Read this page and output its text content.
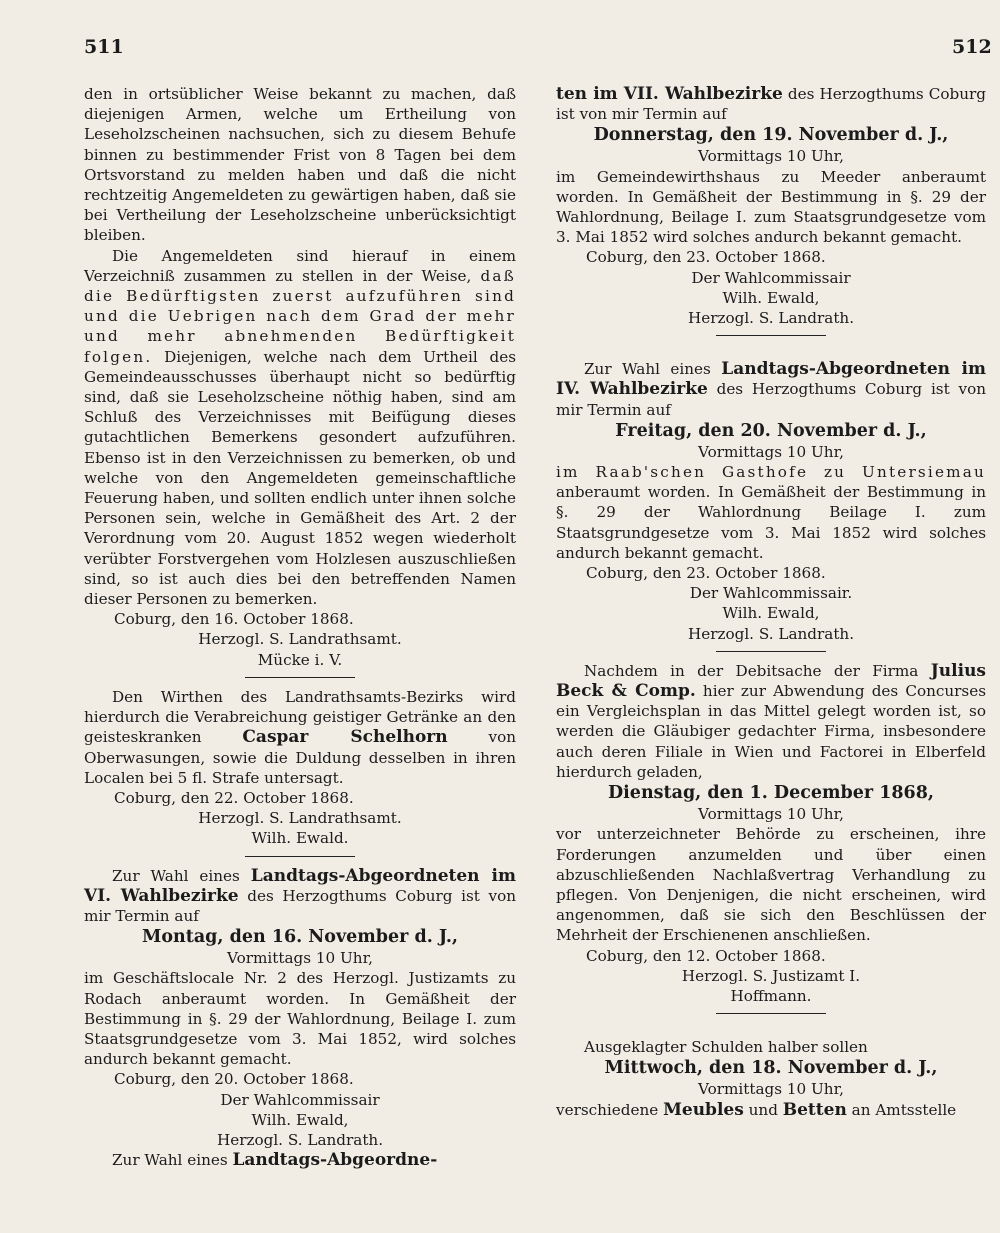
511	512

den in ortsüblicher Weise bekannt zu machen, daß diejenigen Armen, welche um Ertheilung von Leseholzscheinen nachsuchen, sich zu diesem Behufe binnen zu bestimmender Frist von 8 Tagen bei dem Ortsvorstand zu melden haben und daß die nicht rechtzeitig Angemeldeten zu gewärtigen haben, daß sie bei Vertheilung der Leseholzscheine unberücksichtigt bleiben.

Die Angemeldeten sind hierauf in einem Verzeichniß zusammen zu stellen in der Weise, daß die Bedürftigsten zuerst aufzuführen sind und die Uebrigen nach dem Grad der mehr und mehr abnehmenden Bedürftigkeit folgen. Diejenigen, welche nach dem Urtheil des Gemeindeausschusses überhaupt nicht so bedürftig sind, daß sie Leseholzscheine nöthig haben, sind am Schluß des Verzeichnisses mit Beifügung dieses gutachtlichen Bemerkens gesondert aufzuführen. Ebenso ist in den Verzeichnissen zu bemerken, ob und welche von den Angemeldeten gemeinschaftliche Feuerung haben, und sollten endlich unter ihnen solche Personen sein, welche in Gemäßheit des Art. 2 der Verordnung vom 20. August 1852 wegen wiederholt verübter Forstvergehen vom Holzlesen auszuschließen sind, so ist auch dies bei den betreffenden Namen dieser Personen zu bemerken.

Coburg, den 16. October 1868.

Herzogl. S. Landrathsamt.

Mücke i. V.

Den Wirthen des Landrathsamts-Bezirks wird hierdurch die Verabreichung geistiger Getränke an den geisteskranken Caspar Schelhorn	von Oberwasungen, sowie die Duldung desselben in ihren Localen bei 5 fl. Strafe untersagt.

Coburg, den 22. October 1868.

Herzogl. S. Landrathsamt.

Wilh. Ewald.

Zur Wahl eines Landtags-Abgeordneten im VI. Wahlbezirke des Herzogthums Coburg ist von mir Termin auf

Montag, den 16. November d. J.,

Vormittags 10 Uhr,

im Geschäftslocale Nr. 2 des Herzogl. Justizamts zu Rodach anberaumt worden. In Gemäßheit der Bestimmung in §. 29 der Wahlordnung, Beilage I. zum Staatsgrundgesetze vom 3. Mai 1852, wird solches andurch bekannt gemacht.

Coburg, den 20. October 1868.

Der Wahlcommissair

Wilh. Ewald,

Herzogl. S. Landrath.

Zur Wahl eines Landtags-Abgeordne-

ten im VII. Wahlbezirke des Herzogthums Coburg ist von mir Termin auf

Donnerstag, den 19. November d. J.,

Vormittags 10 Uhr,

im Gemeindewirthshaus zu Meeder anberaumt worden. In Gemäßheit der Bestimmung in §. 29 der Wahlordnung, Beilage I. zum Staatsgrundgesetze vom 3. Mai 1852 wird solches andurch bekannt gemacht.

Coburg, den 23. October 1868.

Der Wahlcommissair

Wilh. Ewald,

Herzogl. S. Landrath.

Zur Wahl eines Landtags-Abgeordneten im IV. Wahlbezirke des Herzogthums Coburg ist von mir Termin auf

Freitag, den 20. November d. J.,

Vormittags 10 Uhr,

im Raab'schen Gasthofe zu Untersiemau anberaumt worden. In Gemäßheit der Bestimmung in §. 29 der Wahlordnung Beilage I. zum Staatsgrundgesetze vom 3. Mai 1852 wird solches andurch bekannt gemacht.

Coburg, den 23. October 1868.

Der Wahlcommissair.

Wilh. Ewald,

Herzogl. S. Landrath.

Nachdem in der Debitsache der Firma Julius Beck & Comp. hier zur Abwendung des Concurses ein Vergleichsplan in das Mittel gelegt worden ist, so werden die Gläubiger gedachter Firma, insbesondere auch deren Filiale in Wien und Factorei in Elberfeld hierdurch geladen,

Dienstag, den 1. December 1868,

Vormittags 10 Uhr,

vor unterzeichneter Behörde zu erscheinen, ihre Forderungen anzumelden und über einen abzuschließenden Nachlaßvertrag Verhandlung zu pflegen. Von Denjenigen, die nicht erscheinen, wird angenommen, daß sie sich den Beschlüssen der Mehrheit der Erschienenen anschließen.

Coburg, den 12. October 1868.

Herzogl. S. Justizamt I.

Hoffmann.

Ausgeklagter Schulden halber sollen

Mittwoch, den 18. November d. J.,

Vormittags 10 Uhr,

verschiedene Meubles und Betten an Amtsstelle
